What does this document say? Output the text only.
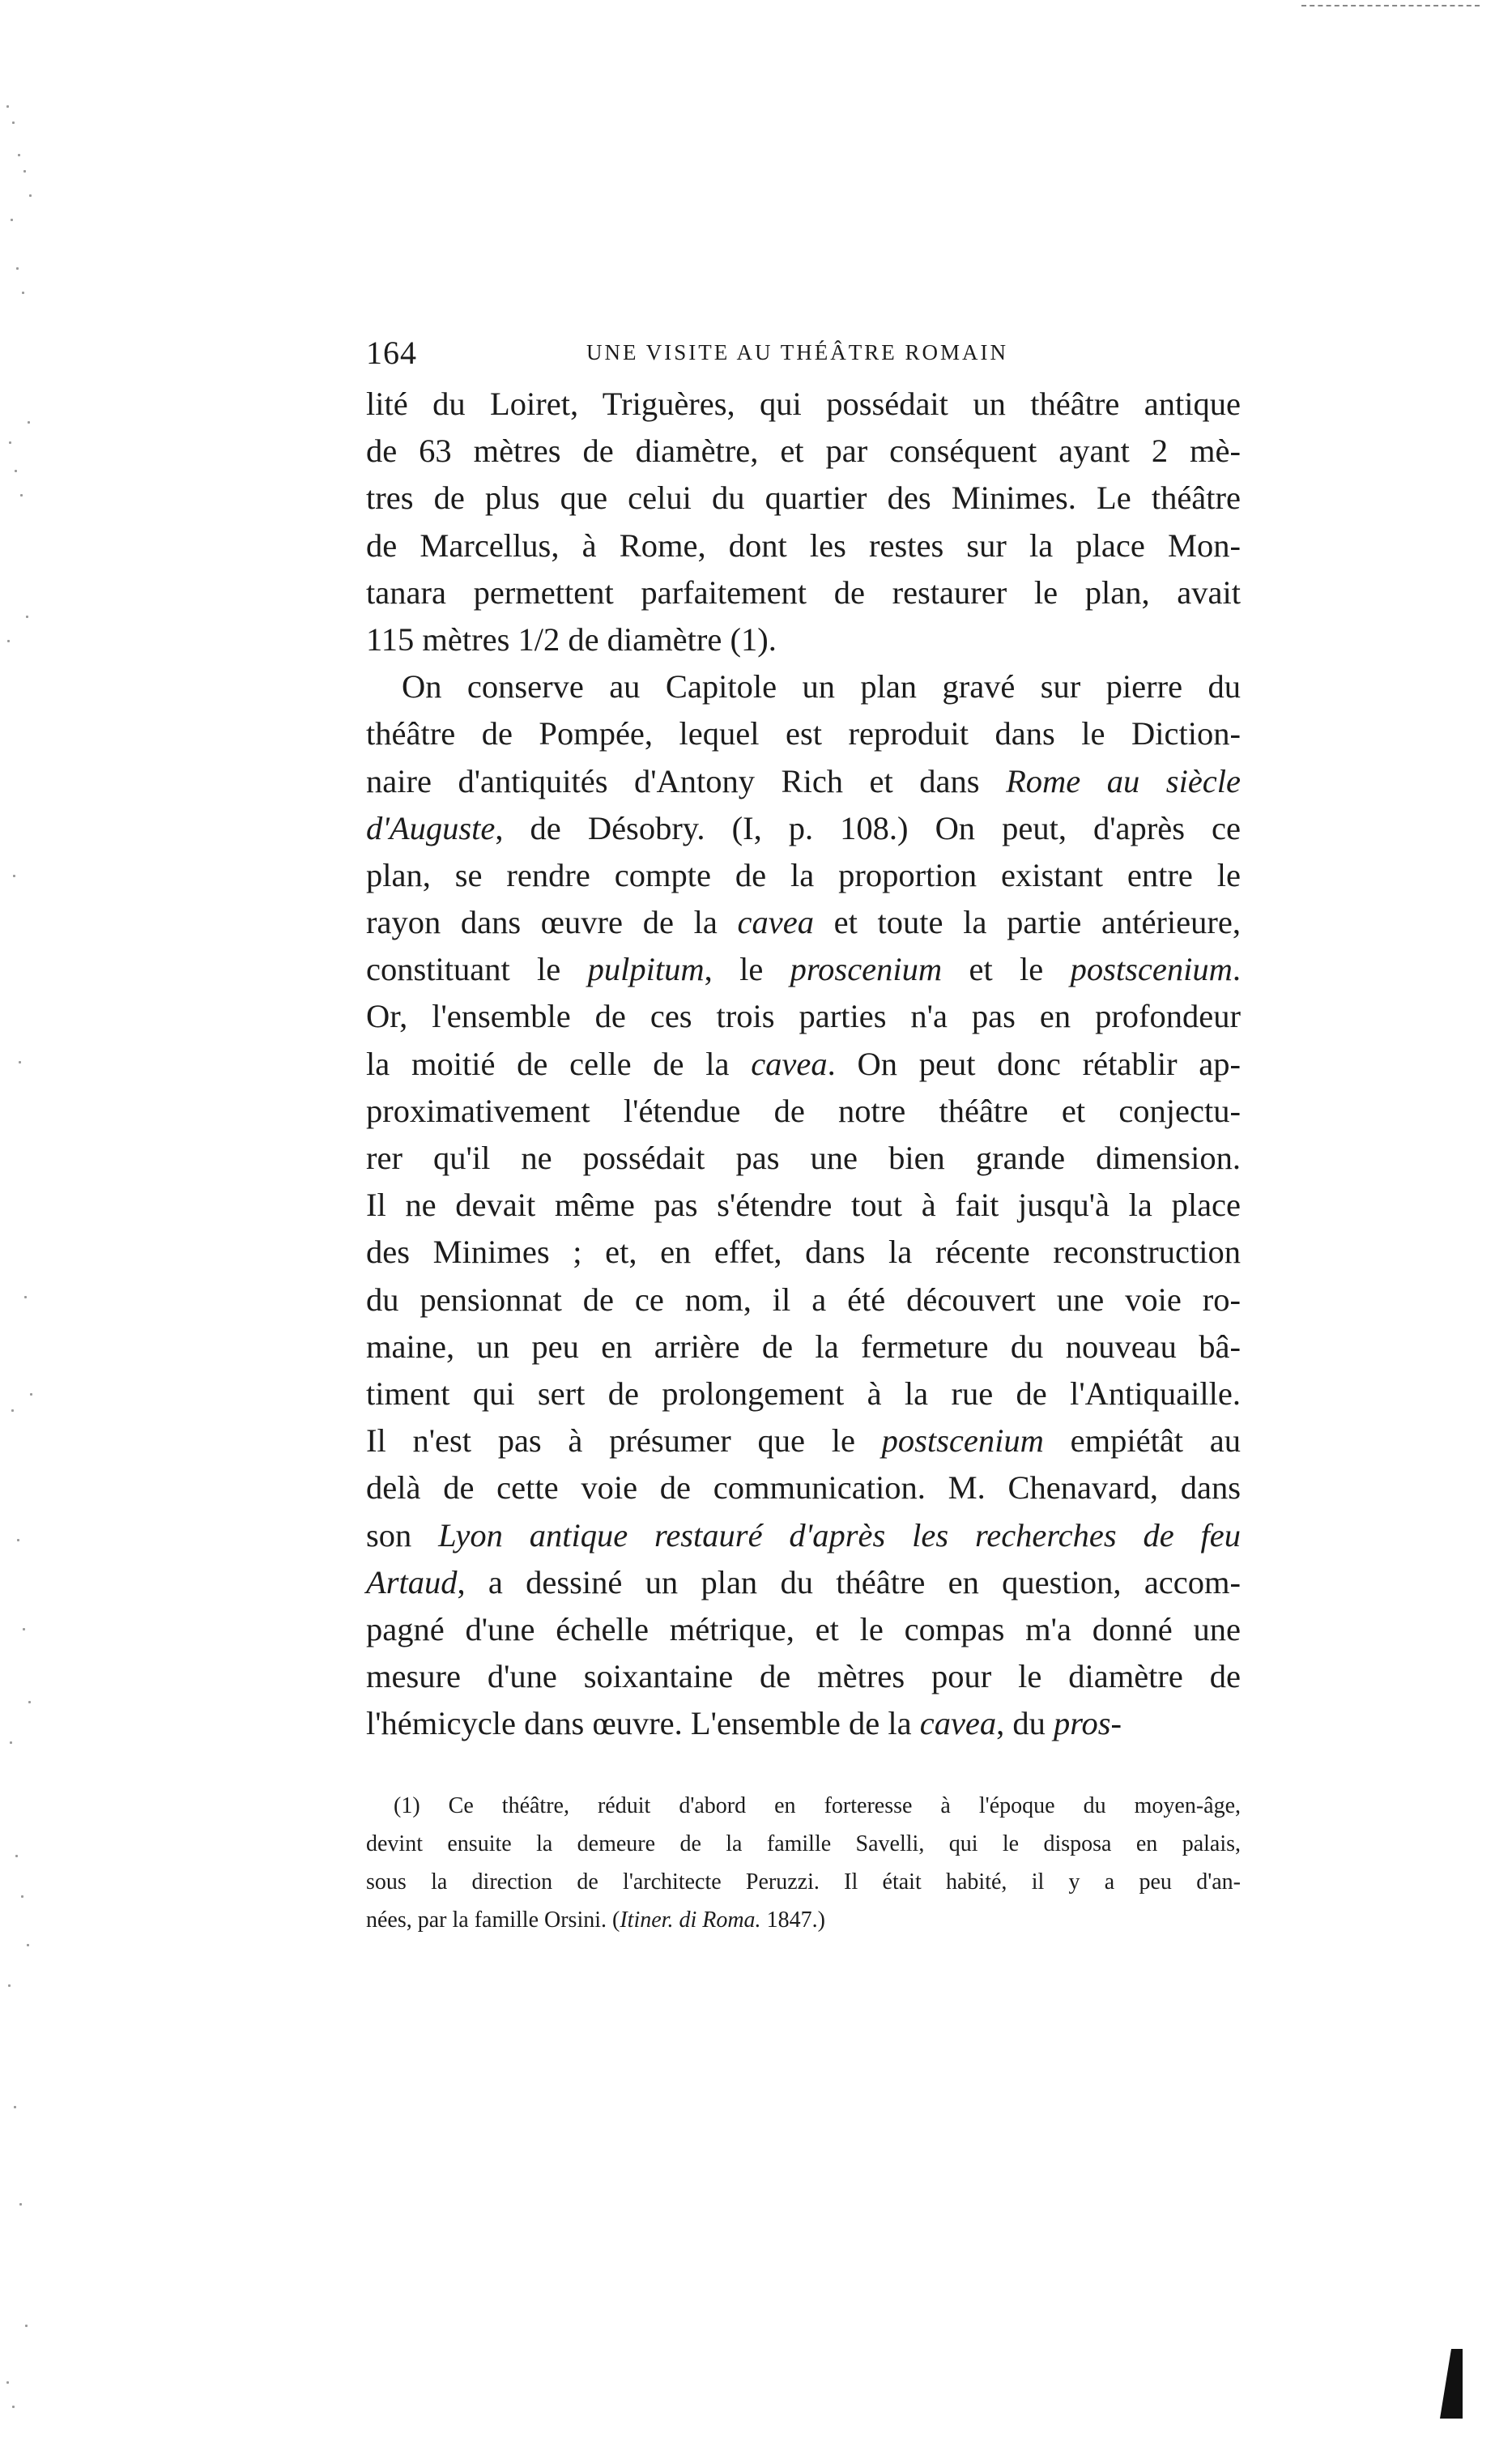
164	UNE VISITE AU THÉÂTRE ROMAIN
lité du Loiret, Triguères, qui possédait un théâtre antique
de 63 mètres de diamètre, et par conséquent ayant 2 mè-
tres de plus que celui du quartier des Minimes. Le théâtre
de Marcellus, à Rome, dont les restes sur la place Mon-
tanara permettent parfaitement de restaurer le plan, avait
115 mètres 1/2 de diamètre (1).
On conserve au Capitole un plan gravé sur pierre du
théâtre de Pompée, lequel est reproduit dans le Diction-
naire d'antiquités d'Antony Rich et dans Rome au siècle
d'Auguste, de Désobry. (I, p. 108.) On peut, d'après ce
plan, se rendre compte de la proportion existant entre le
rayon dans œuvre de la cavea et toute la partie antérieure,
constituant le pulpitum, le proscenium et le postscenium.
Or, l'ensemble de ces trois parties n'a pas en profondeur
la moitié de celle de la cavea. On peut donc rétablir ap-
proximativement l'étendue de notre théâtre et conjectu-
rer qu'il ne possédait pas une bien grande dimension.
Il ne devait même pas s'étendre tout à fait jusqu'à la place
des Minimes ; et, en effet, dans la récente reconstruction
du pensionnat de ce nom, il a été découvert une voie ro-
maine, un peu en arrière de la fermeture du nouveau bâ-
timent qui sert de prolongement à la rue de l'Antiquaille.
Il n'est pas à présumer que le postscenium empiétât au
delà de cette voie de communication. M. Chenavard, dans
son Lyon antique restauré d'après les recherches de feu
Artaud, a dessiné un plan du théâtre en question, accom-
pagné d'une échelle métrique, et le compas m'a donné une
mesure d'une soixantaine de mètres pour le diamètre de
l'hémicycle dans œuvre. L'ensemble de la cavea, du pros-
(1) Ce théâtre, réduit d'abord en forteresse à l'époque du moyen-âge,
devint ensuite la demeure de la famille Savelli, qui le disposa en palais,
sous la direction de l'architecte Peruzzi. Il était habité, il y a peu d'an-
nées, par la famille Orsini. (Itiner. di Roma. 1847.)
